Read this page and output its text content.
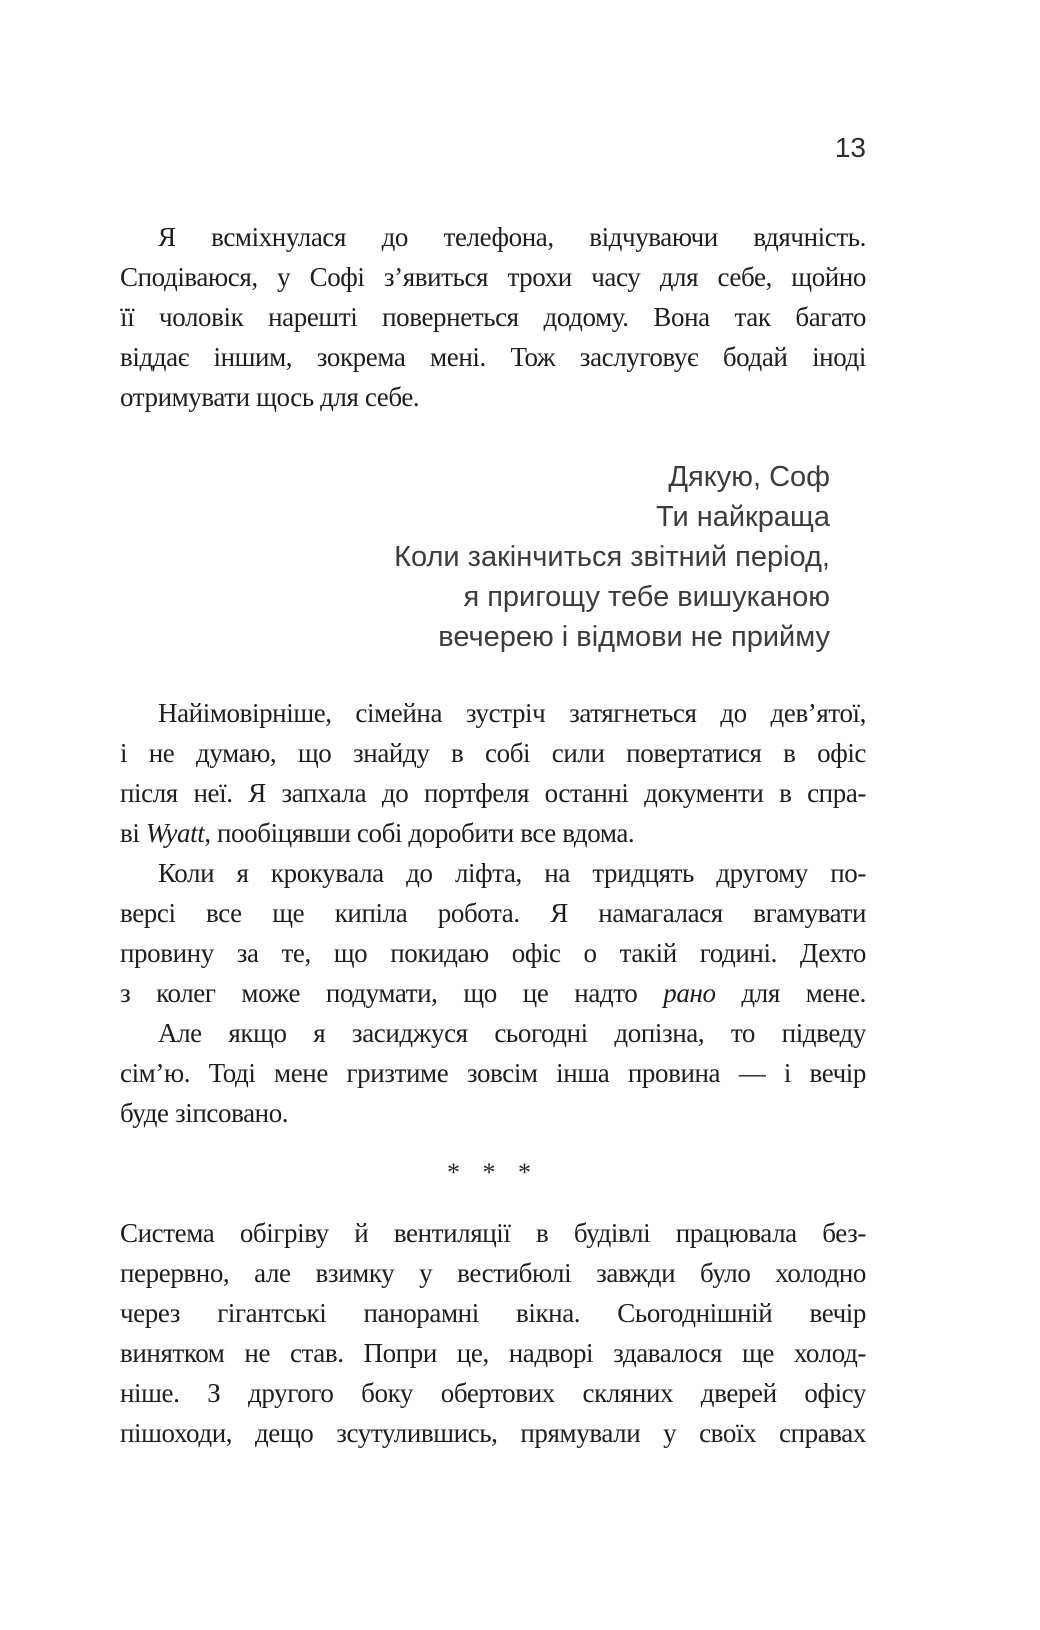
13
Я всміхнулася до телефона, відчуваючи вдячність.
Сподіваюся, у Софі з’явиться трохи часу для себе, щойно
її чоловік нарешті повернеться додому. Вона так багато
віддає іншим, зокрема мені. Тож заслуговує бодай іноді
отримувати щось для себе.
Дякую, Соф
Ти найкраща
Коли закінчиться звітний період,
я пригощу тебе вишуканою
вечерею і відмови не прийму
Найімовірніше, сімейна зустріч затягнеться до дев’ятої,
і не думаю, що знайду в собі сили повертатися в офіс
після неї. Я запхала до портфеля останні документи в спра-
ві Wyatt, пообіцявши собі доробити все вдома.
Коли я крокувала до ліфта, на тридцять другому по-
версі все ще кипіла робота. Я намагалася вгамувати
провину за те, що покидаю офіс о такій годині. Дехто
з колег може подумати, що це надто рано для мене.
Але якщо я засиджуся сьогодні допізна, то підведу
сім’ю. Тоді мене гризтиме зовсім інша провина — і вечір
буде зіпсовано.
* * *
Система обігріву й вентиляції в будівлі працювала без-
перервно, але взимку у вестибюлі завжди було холодно
через гігантські панорамні вікна. Сьогоднішній вечір
винятком не став. Попри це, надворі здавалося ще холод-
ніше. З другого боку обертових скляних дверей офісу
пішоходи, дещо зсутулившись, прямували у своїх справах
